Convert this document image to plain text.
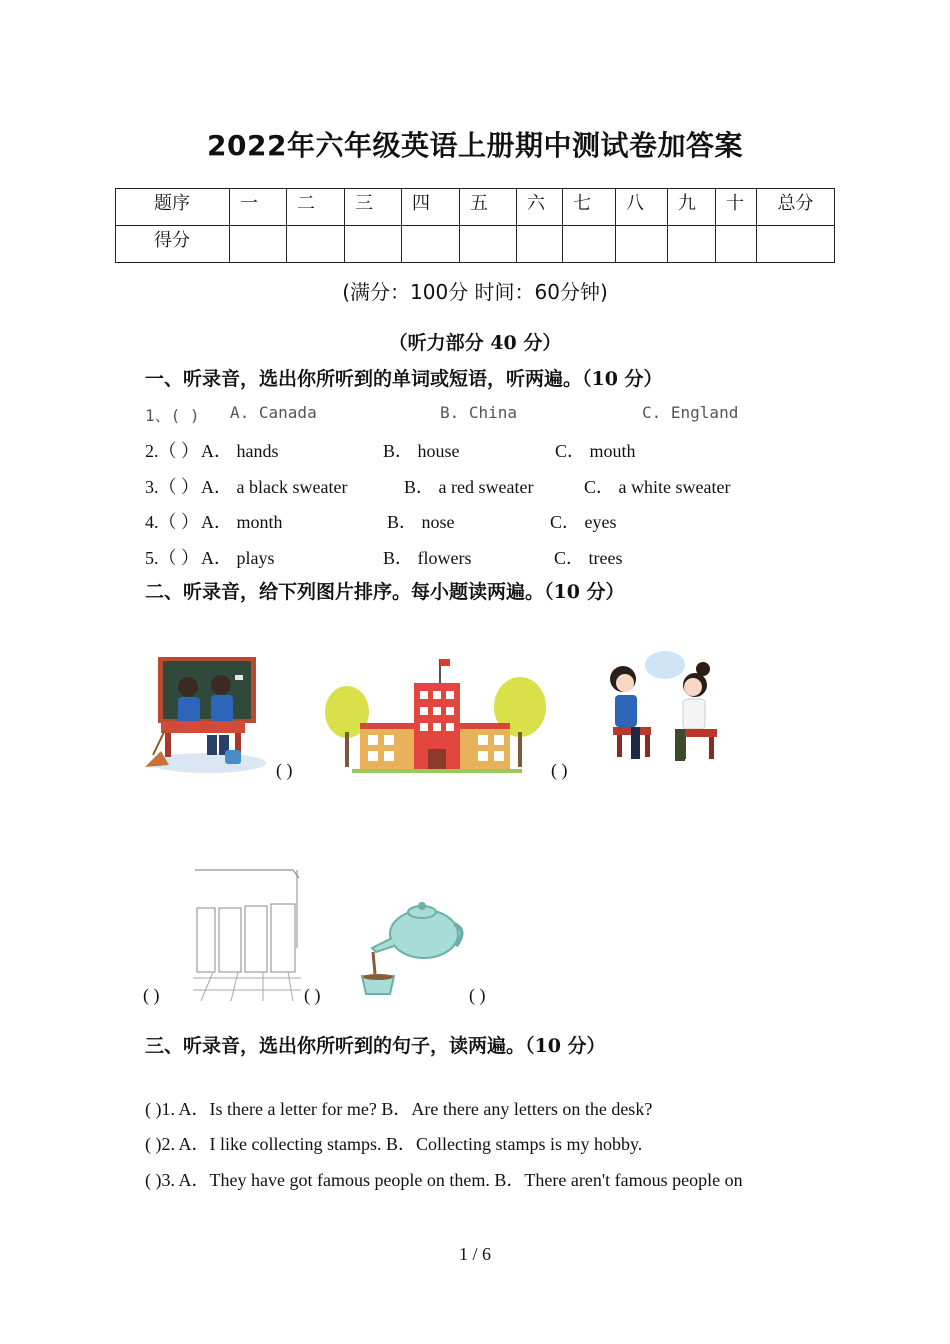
2022年六年级英语上册期中测试卷加答案
题序	一	二	三	四	五	六	七	八	九	十	总分
得分											
(满分：100分 时间：60分钟)
（听力部分 40 分）
一、听录音，选出你所听到的单词或短语，听两遍。（10 分）
1、( ) A. Canada	B. China	C. England
2.（ ） A． hands	B． house	C． mouth
3.（ ） A． a black sweater	B． a red sweater	C． a white sweater
4.（ ） A． month	B． nose	C． eyes
5.（ ） A． plays	B． flowers	C． trees
二、听录音，给下列图片排序。每小题读两遍。（10 分）
( )	( )
( )	( )	( )
三、听录音，选出你所听到的句子，读两遍。（10 分）
( )1. A．Is there a letter for me? B．Are there any letters on the desk?
( )2. A．I like collecting stamps. B．Collecting stamps is my hobby.
( )3. A．They have got famous people on them. B．There aren't famous people on
1 / 6
